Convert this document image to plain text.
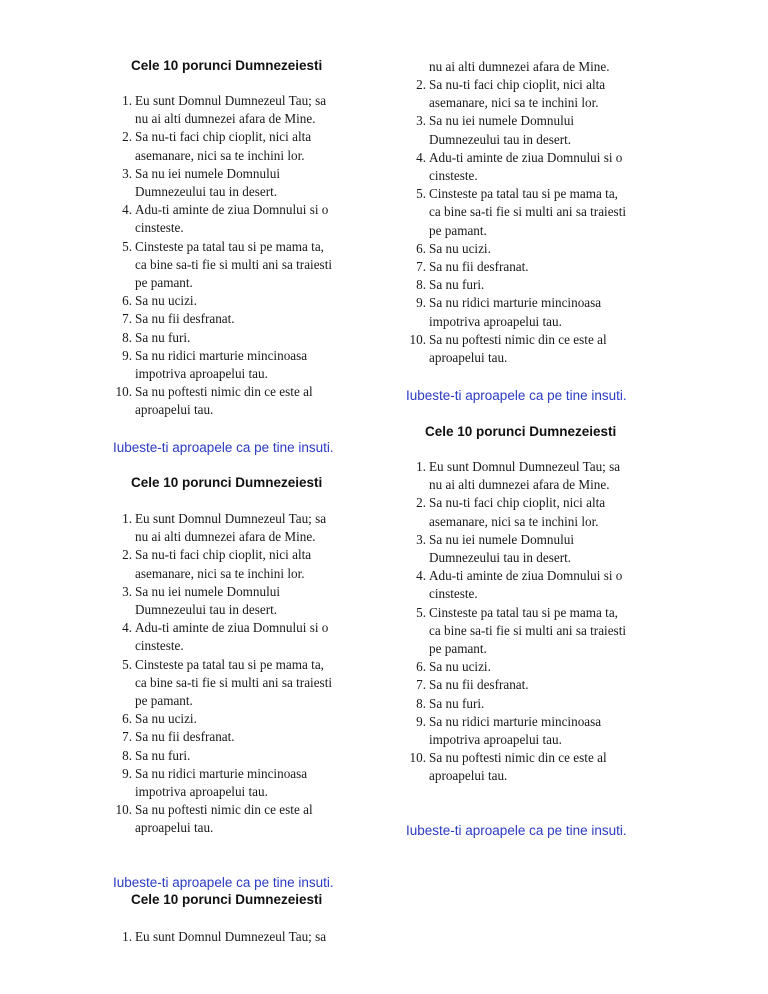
Cele 10 porunci Dumnezeiesti
1. Eu sunt Domnul Dumnezeul Tau; sa
nu ai alti dumnezei afara de Mine.
2. Sa nu-ti faci chip cioplit, nici alta
asemanare, nici sa te inchini lor.
3. Sa nu iei numele Domnului
Dumnezeului tau in desert.
4. Adu-ti aminte de ziua Domnului si o
cinsteste.
5. Cinsteste pa tatal tau si pe mama ta,
ca bine sa-ti fie si multi ani sa traiesti
pe pamant.
6. Sa nu ucizi.
7. Sa nu fii desfranat.
8. Sa nu furi.
9. Sa nu ridici marturie mincinoasa
impotriva aproapelui tau.
10. Sa nu poftesti nimic din ce este al
aproapelui tau.
Iubeste-ti aproapele ca pe tine insuti.
Cele 10 porunci Dumnezeiesti
1. Eu sunt Domnul Dumnezeul Tau; sa
nu ai alti dumnezei afara de Mine.
2. Sa nu-ti faci chip cioplit, nici alta
asemanare, nici sa te inchini lor.
3. Sa nu iei numele Domnului
Dumnezeului tau in desert.
4. Adu-ti aminte de ziua Domnului si o
cinsteste.
5. Cinsteste pa tatal tau si pe mama ta,
ca bine sa-ti fie si multi ani sa traiesti
pe pamant.
6. Sa nu ucizi.
7. Sa nu fii desfranat.
8. Sa nu furi.
9. Sa nu ridici marturie mincinoasa
impotriva aproapelui tau.
10. Sa nu poftesti nimic din ce este al
aproapelui tau.
Iubeste-ti aproapele ca pe tine insuti.
Cele 10 porunci Dumnezeiesti
1. Eu sunt Domnul Dumnezeul Tau; sa
nu ai alti dumnezei afara de Mine.
2. Sa nu-ti faci chip cioplit, nici alta
asemanare, nici sa te inchini lor.
3. Sa nu iei numele Domnului
Dumnezeului tau in desert.
4. Adu-ti aminte de ziua Domnului si o
cinsteste.
5. Cinsteste pa tatal tau si pe mama ta,
ca bine sa-ti fie si multi ani sa traiesti
pe pamant.
6. Sa nu ucizi.
7. Sa nu fii desfranat.
8. Sa nu furi.
9. Sa nu ridici marturie mincinoasa
impotriva aproapelui tau.
10. Sa nu poftesti nimic din ce este al
aproapelui tau.
Iubeste-ti aproapele ca pe tine insuti.
Cele 10 porunci Dumnezeiesti
1. Eu sunt Domnul Dumnezeul Tau; sa
nu ai alti dumnezei afara de Mine.
2. Sa nu-ti faci chip cioplit, nici alta
asemanare, nici sa te inchini lor.
3. Sa nu iei numele Domnului
Dumnezeului tau in desert.
4. Adu-ti aminte de ziua Domnului si o
cinsteste.
5. Cinsteste pa tatal tau si pe mama ta,
ca bine sa-ti fie si multi ani sa traiesti
pe pamant.
6. Sa nu ucizi.
7. Sa nu fii desfranat.
8. Sa nu furi.
9. Sa nu ridici marturie mincinoasa
impotriva aproapelui tau.
10. Sa nu poftesti nimic din ce este al
aproapelui tau.
Iubeste-ti aproapele ca pe tine insuti.
